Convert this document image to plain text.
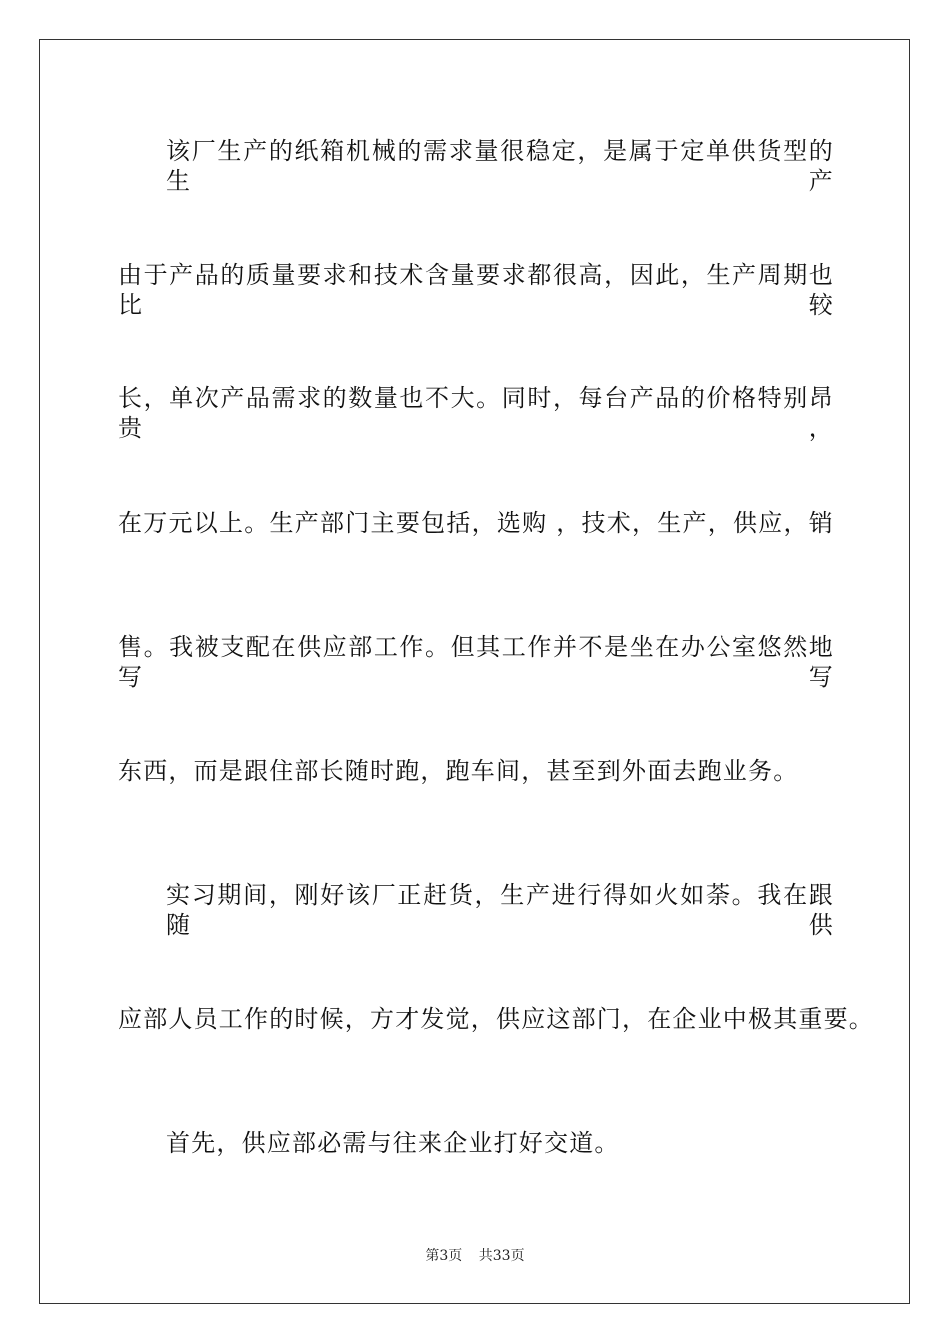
该厂生产的纸箱机械的需求量很稳定，是属于定单供货型的生产
由于产品的质量要求和技术含量要求都很高，因此，生产周期也比较
长，单次产品需求的数量也不大。同时，每台产品的价格特别昂贵，
在万元以上。生产部门主要包括，选购 ，技术，生产，供应，销
售。我被支配在供应部工作。但其工作并不是坐在办公室悠然地写写
东西，而是跟住部长随时跑，跑车间，甚至到外面去跑业务。
实习期间，刚好该厂正赶货，生产进行得如火如荼。我在跟随供
应部人员工作的时候，方才发觉，供应这部门，在企业中极其重要。
首先，供应部必需与往来企业打好交道。
第3页 共33页
